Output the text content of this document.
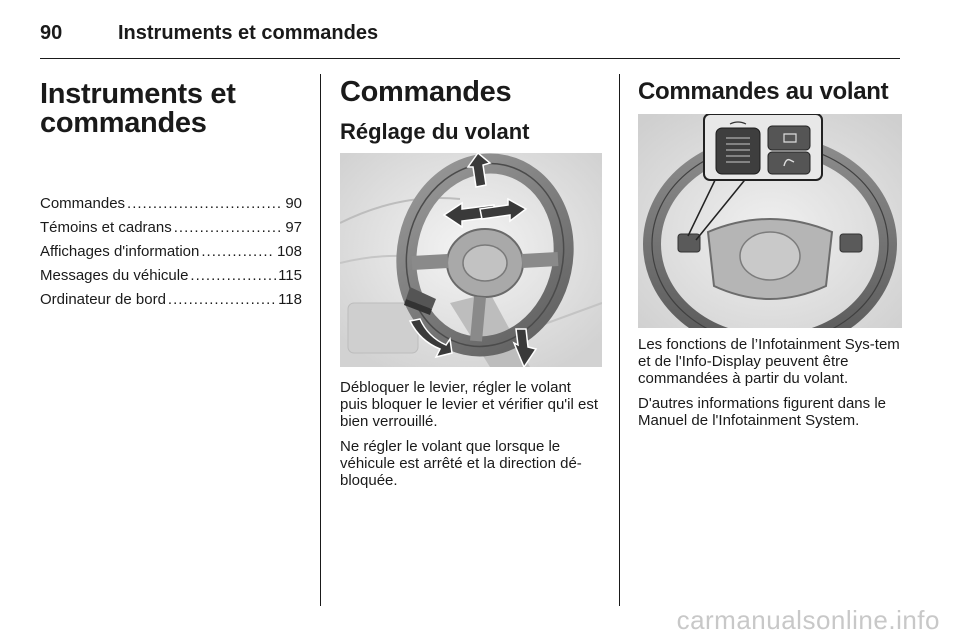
90	Instruments et commandes
Instruments et commandes
Commandes .....	90
Témoins et cadrans .....	97
Affichages d'information .....	108
Messages du véhicule .....	115
Ordinateur de bord .....	118
Commandes
Réglage du volant

Débloquer le levier, régler le volant puis bloquer le levier et vérifier qu'il est bien verrouillé.

Ne régler le volant que lorsque le véhicule est arrêté et la direction dé-bloquée.

Commandes au volant

Les fonctions de l’Infotainment Sys-tem et de l'Info-Display peuvent être commandées à partir du volant.

D'autres informations figurent dans le Manuel de l'Infotainment System.

carmanualsonline.info
